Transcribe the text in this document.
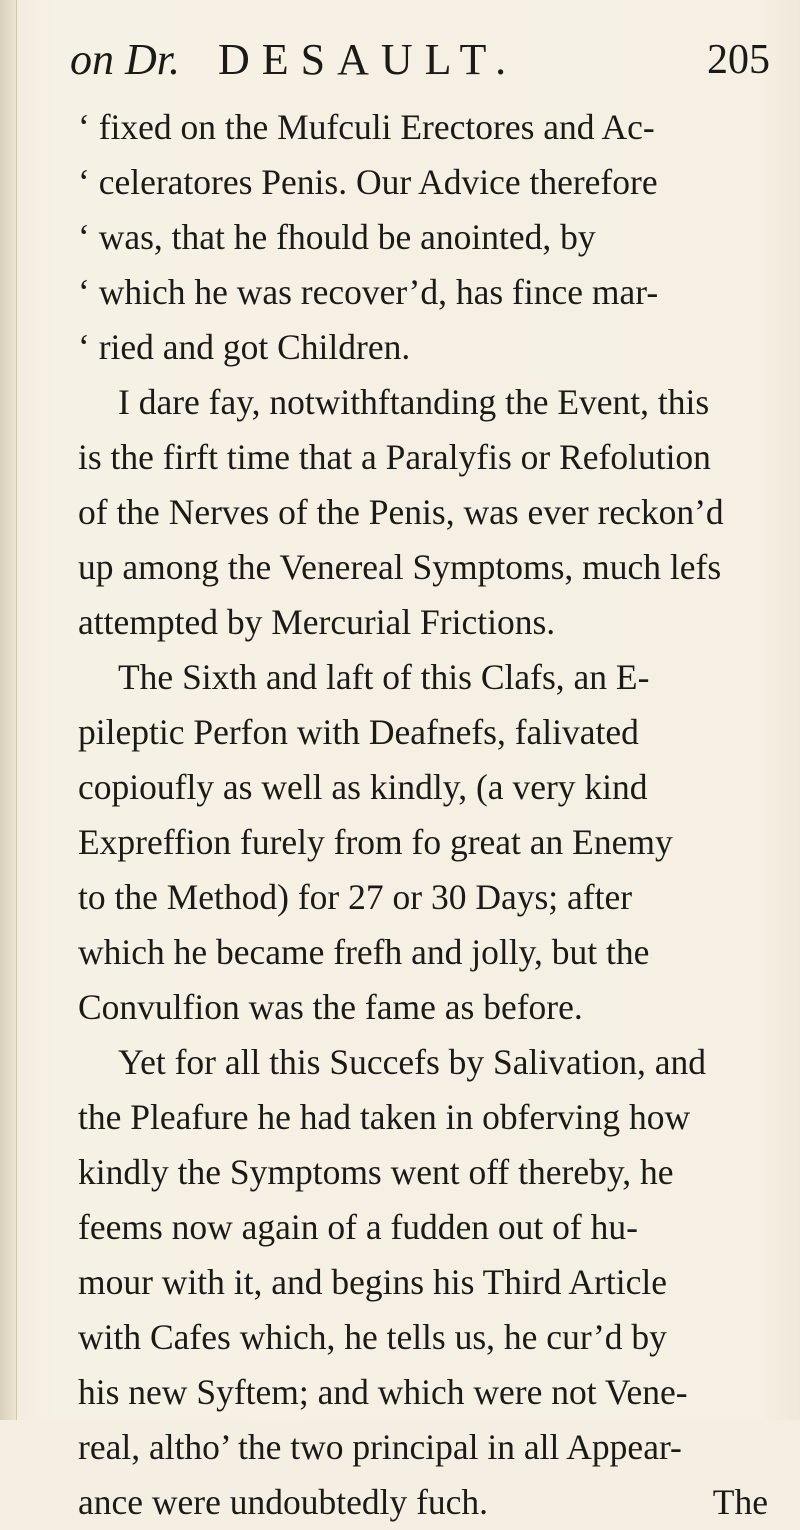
on Dr. DESAULT.	205
‘ fixed on the Mufculi Erectores and Ac-
‘ celeratores Penis. Our Advice therefore
‘ was, that he fhould be anointed, by
‘ which he was recover’d, has fince mar-
‘ ried and got Children.
I dare fay, notwithftanding the Event, this
is the firft time that a Paralyfis or Refolution
of the Nerves of the Penis, was ever reckon’d
up among the Venereal Symptoms, much lefs
attempted by Mercurial Frictions.
The Sixth and laft of this Clafs, an E-
pileptic Perfon with Deafnefs, falivated
copioufly as well as kindly, (a very kind
Expreffion furely from fo great an Enemy
to the Method) for 27 or 30 Days; after
which he became frefh and jolly, but the
Convulfion was the fame as before.
Yet for all this Succefs by Salivation, and
the Pleafure he had taken in obferving how
kindly the Symptoms went off thereby, he
feems now again of a fudden out of hu-
mour with it, and begins his Third Article
with Cafes which, he tells us, he cur’d by
his new Syftem; and which were not Vene-
real, altho’ the two principal in all Appear-
ance were undoubtedly fuch.	The
